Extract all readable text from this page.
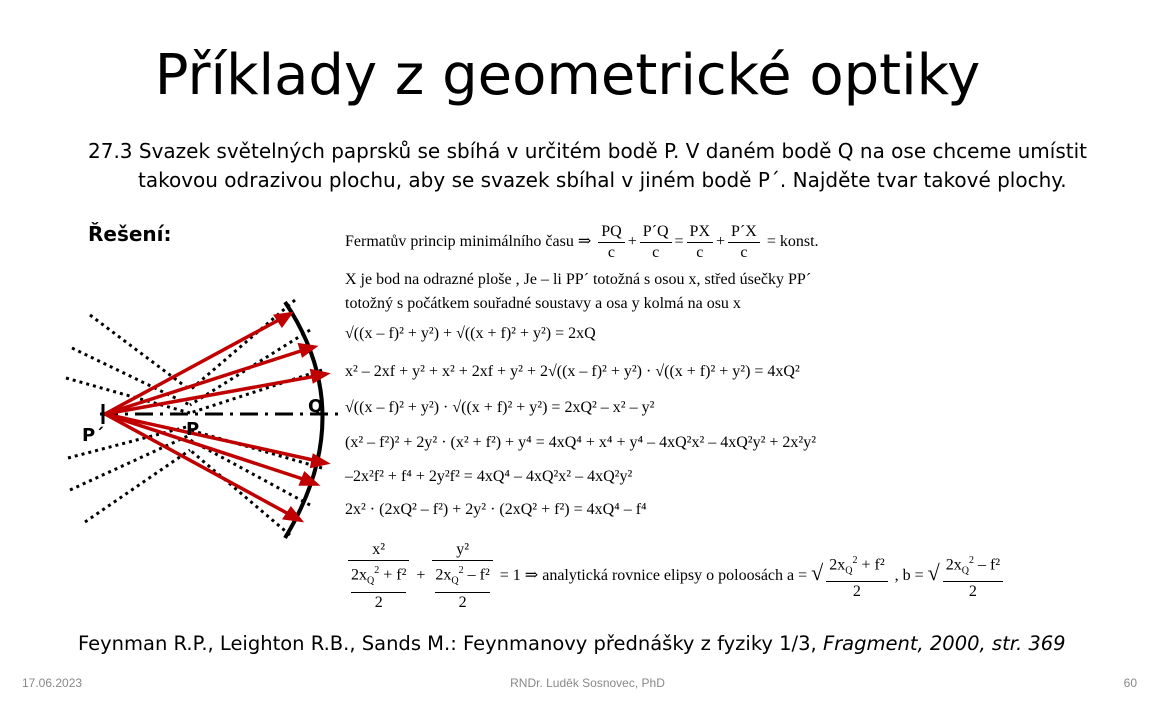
Příklady z geometrické optiky
27.3 Svazek světelných paprsků se sbíhá v určitém bodě P. V daném bodě Q na ose chceme umístit
takovou odrazivou plochu, aby se svazek sbíhal v jiném bodě P´. Najděte tvar takové plochy.
Řešení:
P´	P
Q
Fermatův princip minimálního času ⇒ $\frac{PQ}{c} + \frac{P´Q}{c} = \frac{PX}{c} + \frac{P´X}{c}$ = konst.
X je bod na odrazné ploše , Je – li PP´ totožná s osou x, střed úsečky PP´
totožný s počátkem souřadné soustavy a osa y kolmá na osu x
√((x – f)² + y²) + √((x + f)² + y²) = 2xQ
x² – 2xf + y² + x² + 2xf + y² + 2√((x – f)² + y²) · √((x + f)² + y²) = 4xQ²
√((x – f)² + y²) · √((x + f)² + y²) = 2xQ² – x² – y²
(x² – f²)² + 2y² · (x² + f²) + y⁴ = 4xQ⁴ + x⁴ + y⁴ – 4xQ²x² – 4xQ²y² + 2x²y²
–2x²f² + f⁴ + 2y²f² = 4xQ⁴ – 4xQ²x² – 4xQ²y²
2x² · (2xQ² – f²) + 2y² · (2xQ² + f²) = 4xQ⁴ – f⁴
x²
$2x_Q^2 + f^2$
2 + y²
$2x_Q^2 - f^2$
2 = 1 ⇒ analytická rovnice elipsy o poloosách a = √ $\frac{2x_Q^2 + f^2}{2}$ , b = √ $\frac{2x_Q^2 - f^2}{2}$
Feynman R.P., Leighton R.B., Sands M.: Feynmanovy přednášky z fyziky 1/3, Fragment, 2000, str. 369
17.06.2023	RNDr. Luděk Sosnovec, PhD	60
